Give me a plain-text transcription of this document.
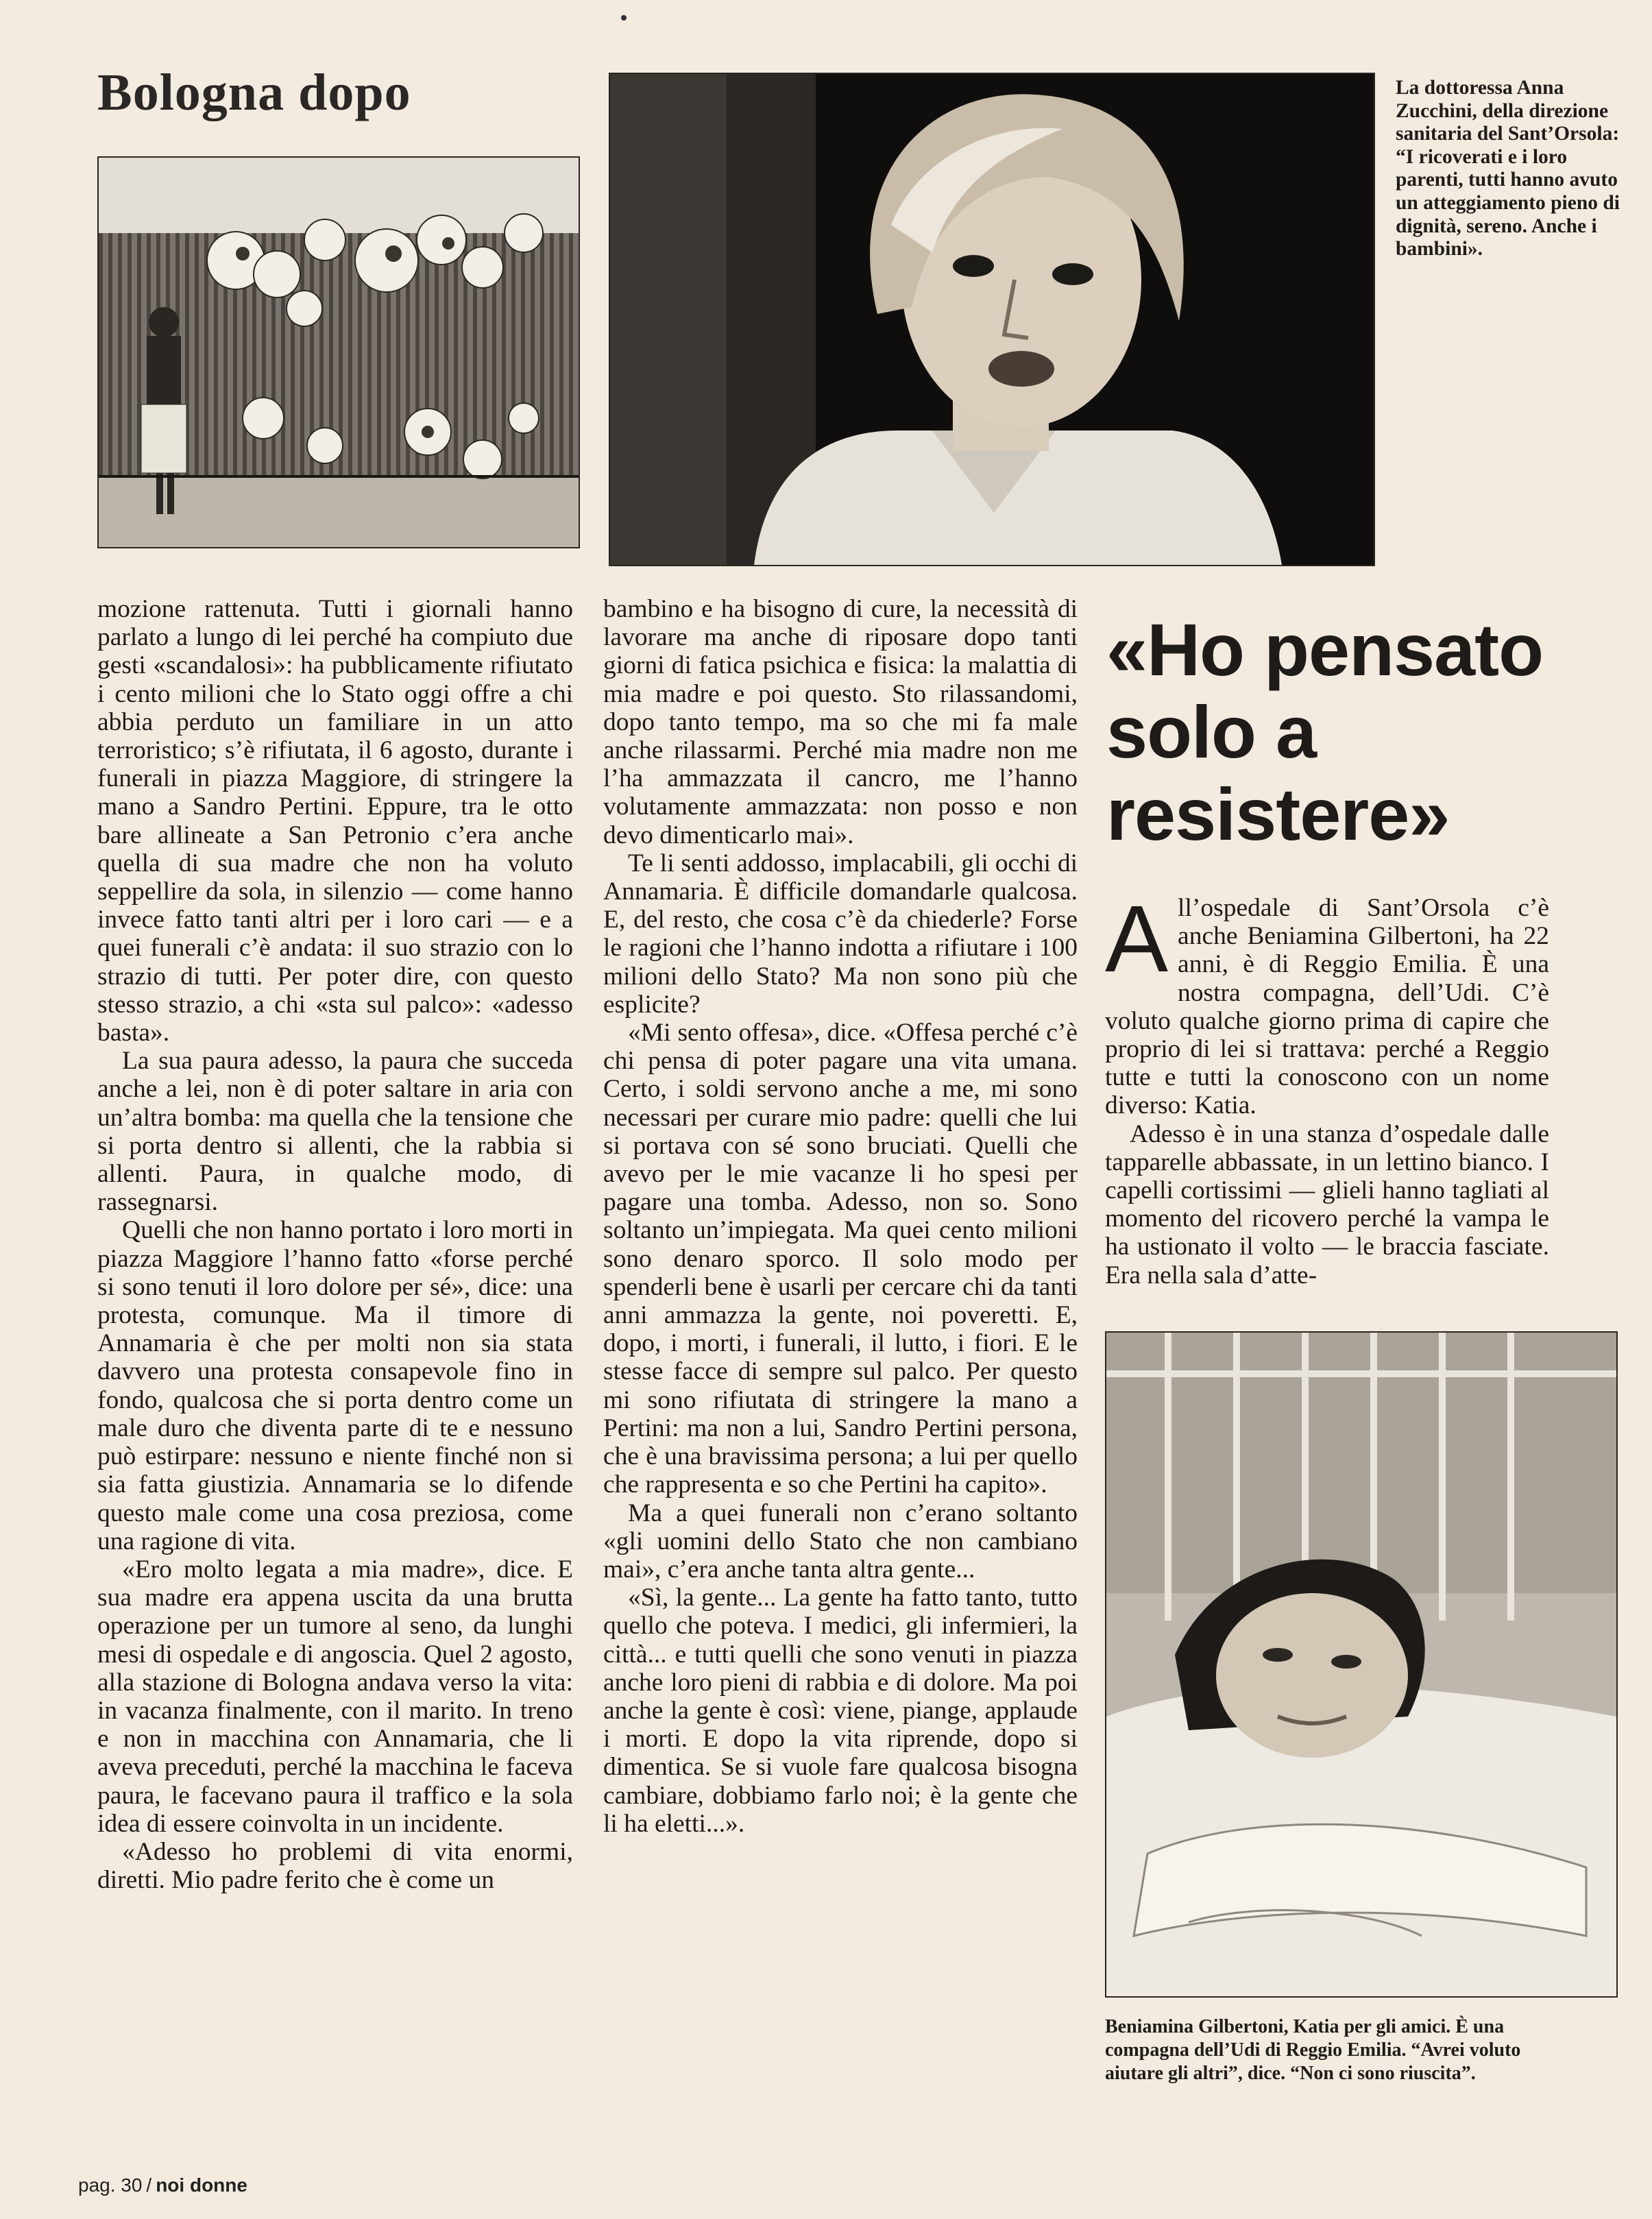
Bologna dopo	La dottoressa Anna Zucchini, della direzione sanitaria del Sant’Orsola: “I ricoverati e i loro parenti, tutti hanno avuto un atteggiamento pieno di dignità, sereno. Anche i bambini».

mozione rattenuta. Tutti i giornali hanno parlato a lungo di lei perché ha compiuto due gesti «scandalosi»: ha pubblicamente rifiutato i cento milioni che lo Stato oggi offre a chi abbia perduto un familiare in un atto terroristico; s’è rifiutata, il 6 agosto, durante i funerali in piazza Maggiore, di stringere la mano a Sandro Pertini. Eppure, tra le otto bare allineate a San Petronio c’era anche quella di sua madre che non ha voluto seppellire da sola, in silenzio — come hanno invece fatto tanti altri per i loro cari — e a quei funerali c’è andata: il suo strazio con lo strazio di tutti. Per poter dire, con questo stesso strazio, a chi «sta sul palco»: «adesso basta».

La sua paura adesso, la paura che succeda anche a lei, non è di poter saltare in aria con un’altra bomba: ma quella che la tensione che si porta dentro si allenti, che la rabbia si allenti. Paura, in qualche modo, di rassegnarsi.

Quelli che non hanno portato i loro morti in piazza Maggiore l’hanno fatto «forse perché si sono tenuti il loro dolore per sé», dice: una protesta, comunque. Ma il timore di Annamaria è che per molti non sia stata davvero una protesta consapevole fino in fondo, qualcosa che si porta dentro come un male duro che diventa parte di te e nessuno può estirpare: nessuno e niente finché non si sia fatta giustizia. Annamaria se lo difende questo male come una cosa preziosa, come una ragione di vita.

«Ero molto legata a mia madre», dice. E sua madre era appena uscita da una brutta operazione per un tumore al seno, da lunghi mesi di ospedale e di angoscia. Quel 2 agosto, alla stazione di Bologna andava verso la vita: in vacanza finalmente, con il marito. In treno e non in macchina con Annamaria, che li aveva preceduti, perché la macchina le faceva paura, le facevano paura il traffico e la sola idea di essere coinvolta in un incidente.

«Adesso ho problemi di vita enormi, diretti. Mio padre ferito che è come un

bambino e ha bisogno di cure, la necessità di lavorare ma anche di riposare dopo tanti giorni di fatica psichica e fisica: la malattia di mia madre e poi questo. Sto rilassandomi, dopo tanto tempo, ma so che mi fa male anche rilassarmi. Perché mia madre non me l’ha ammazzata il cancro, me l’hanno volutamente ammazzata: non posso e non devo dimenticarlo mai».

Te li senti addosso, implacabili, gli occhi di Annamaria. È difficile domandarle qualcosa. E, del resto, che cosa c’è da chiederle? Forse le ragioni che l’hanno indotta a rifiutare i 100 milioni dello Stato? Ma non sono più che esplicite?

«Mi sento offesa», dice. «Offesa perché c’è chi pensa di poter pagare una vita umana. Certo, i soldi servono anche a me, mi sono necessari per curare mio padre: quelli che lui si portava con sé sono bruciati. Quelli che avevo per le mie vacanze li ho spesi per pagare una tomba. Adesso, non so. Sono soltanto un’impiegata. Ma quei cento milioni sono denaro sporco. Il solo modo per spenderli bene è usarli per cercare chi da tanti anni ammazza la gente, noi poveretti. E, dopo, i morti, i funerali, il lutto, i fiori. E le stesse facce di sempre sul palco. Per questo mi sono rifiutata di stringere la mano a Pertini: ma non a lui, Sandro Pertini persona, che è una bravissima persona; a lui per quello che rappresenta e so che Pertini ha capito».

Ma a quei funerali non c’erano soltanto «gli uomini dello Stato che non cambiano mai», c’era anche tanta altra gente...

«Sì, la gente... La gente ha fatto tanto, tutto quello che poteva. I medici, gli infermieri, la città... e tutti quelli che sono venuti in piazza anche loro pieni di rabbia e di dolore. Ma poi anche la gente è così: viene, piange, applaude i morti. E dopo la vita riprende, dopo si dimentica. Se si vuole fare qualcosa bisogna cambiare, dobbiamo farlo noi; è la gente che li ha eletti...».

«Ho pensato solo a resistere»

All’ospedale di Sant’Orsola c’è anche Beniamina Gilbertoni, ha 22 anni, è di Reggio Emilia. È una nostra compagna, dell’Udi. C’è voluto qualche giorno prima di capire che proprio di lei si trattava: perché a Reggio tutte e tutti la conoscono con un nome diverso: Katia.

Adesso è in una stanza d’ospedale dalle tapparelle abbassate, in un lettino bianco. I capelli cortissimi — glieli hanno tagliati al momento del ricovero perché la vampa le ha ustionato il volto — le braccia fasciate. Era nella sala d’atte-

Beniamina Gilbertoni, Katia per gli amici. È una compagna dell’Udi di Reggio Emilia. “Avrei voluto aiutare gli altri”, dice. “Non ci sono riuscita”.

pag. 30 / noi donne
